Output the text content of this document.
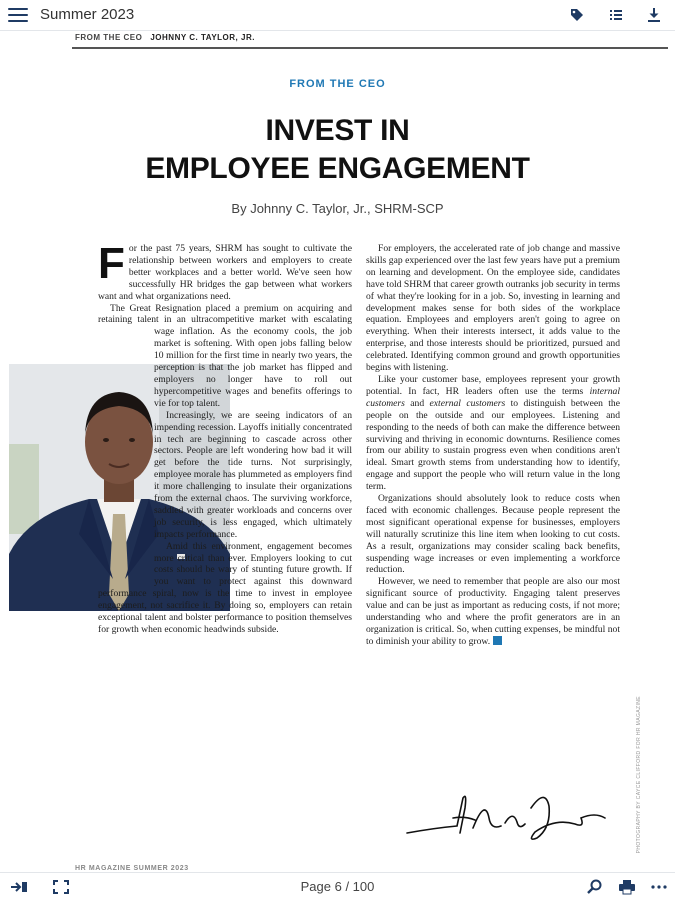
Summer 2023
FROM THE CEO JOHNNY C. TAYLOR, JR.
FROM THE CEO
INVEST IN
EMPLOYEE ENGAGEMENT
By Johnny C. Taylor, Jr., SHRM-SCP

For the past 75 years, SHRM has sought to cultivate the relationship between workers and employers to create better workplaces and a better world. We've seen how successfully HR bridges the gap between what workers want and what organizations need.

The Great Resignation placed a premium on acquiring and retaining talent in an ultracompetitive market with escalating wage inflation.
As the economy cools, the job market is softening. With open jobs falling below 10 million for the first time in nearly two years, the perception is that the job market has flipped and employers no longer have to roll out hypercompetitive wages and benefits offerings to vie for top talent.

Increasingly, we are seeing indicators of an impending recession. Layoffs initially concentrated in tech are beginning to cascade across other sectors. People are left wondering how bad it will get before the tide turns. Not surprisingly, employee morale has plummeted as employers find it more challenging to insulate their organizations from the external chaos. The surviving workforce, saddled with greater workloads and concerns over job security, is less engaged, which ultimately impacts performance.

Amid this environment, engagement becomes more critical than ever. Employers looking to cut costs should be wary of stunting future growth. If you want to protect against this downward performance spiral, now is the time to invest in employee engagement, not sacrifice it. By doing so, employers can retain exceptional talent and bolster performance to position themselves for growth when economic headwinds subside.

For employers, the accelerated rate of job change and massive skills gap experienced over the last few years have put a premium on learning and development. On the employee side, candidates have told SHRM that career growth outranks job security in terms of what they're looking for in a job. So, investing in learning and development makes sense for both sides of the workplace equation. Employees and employers aren't going to agree on everything. When their interests intersect, it adds value to the enterprise, and those interests should be prioritized, pursued and celebrated. Identifying common ground and growth opportunities begins with listening.

Like your customer base, employees represent your growth potential. In fact, HR leaders often use the terms internal customers and external customers to distinguish between the people on the outside and our employees. Listening and responding to the needs of both can make the difference between surviving and thriving in economic downturns. Resilience comes from our ability to sustain progress even when conditions aren't ideal. Smart growth stems from understanding how to identify, engage and support the people who will return value in the long term.

Organizations should absolutely look to reduce costs when faced with economic challenges. Because people represent the most significant operational expense for businesses, employers will naturally scrutinize this line item when looking to cut costs. As a result, organizations may consider scaling back benefits, suspending wage increases or even implementing a workforce reduction.

However, we need to remember that people are also our most significant source of productivity. Engaging talent preserves value and can be just as important as reducing costs, if not more; understanding who and where the profit generators are in an organization is critical. So, when cutting expenses, be mindful not to diminish your ability to grow.

PHOTOGRAPHY BY CAYCE CLIFFORD FOR HR MAGAZINE
HR MAGAZINE SUMMER 2023
Page 6 / 100
